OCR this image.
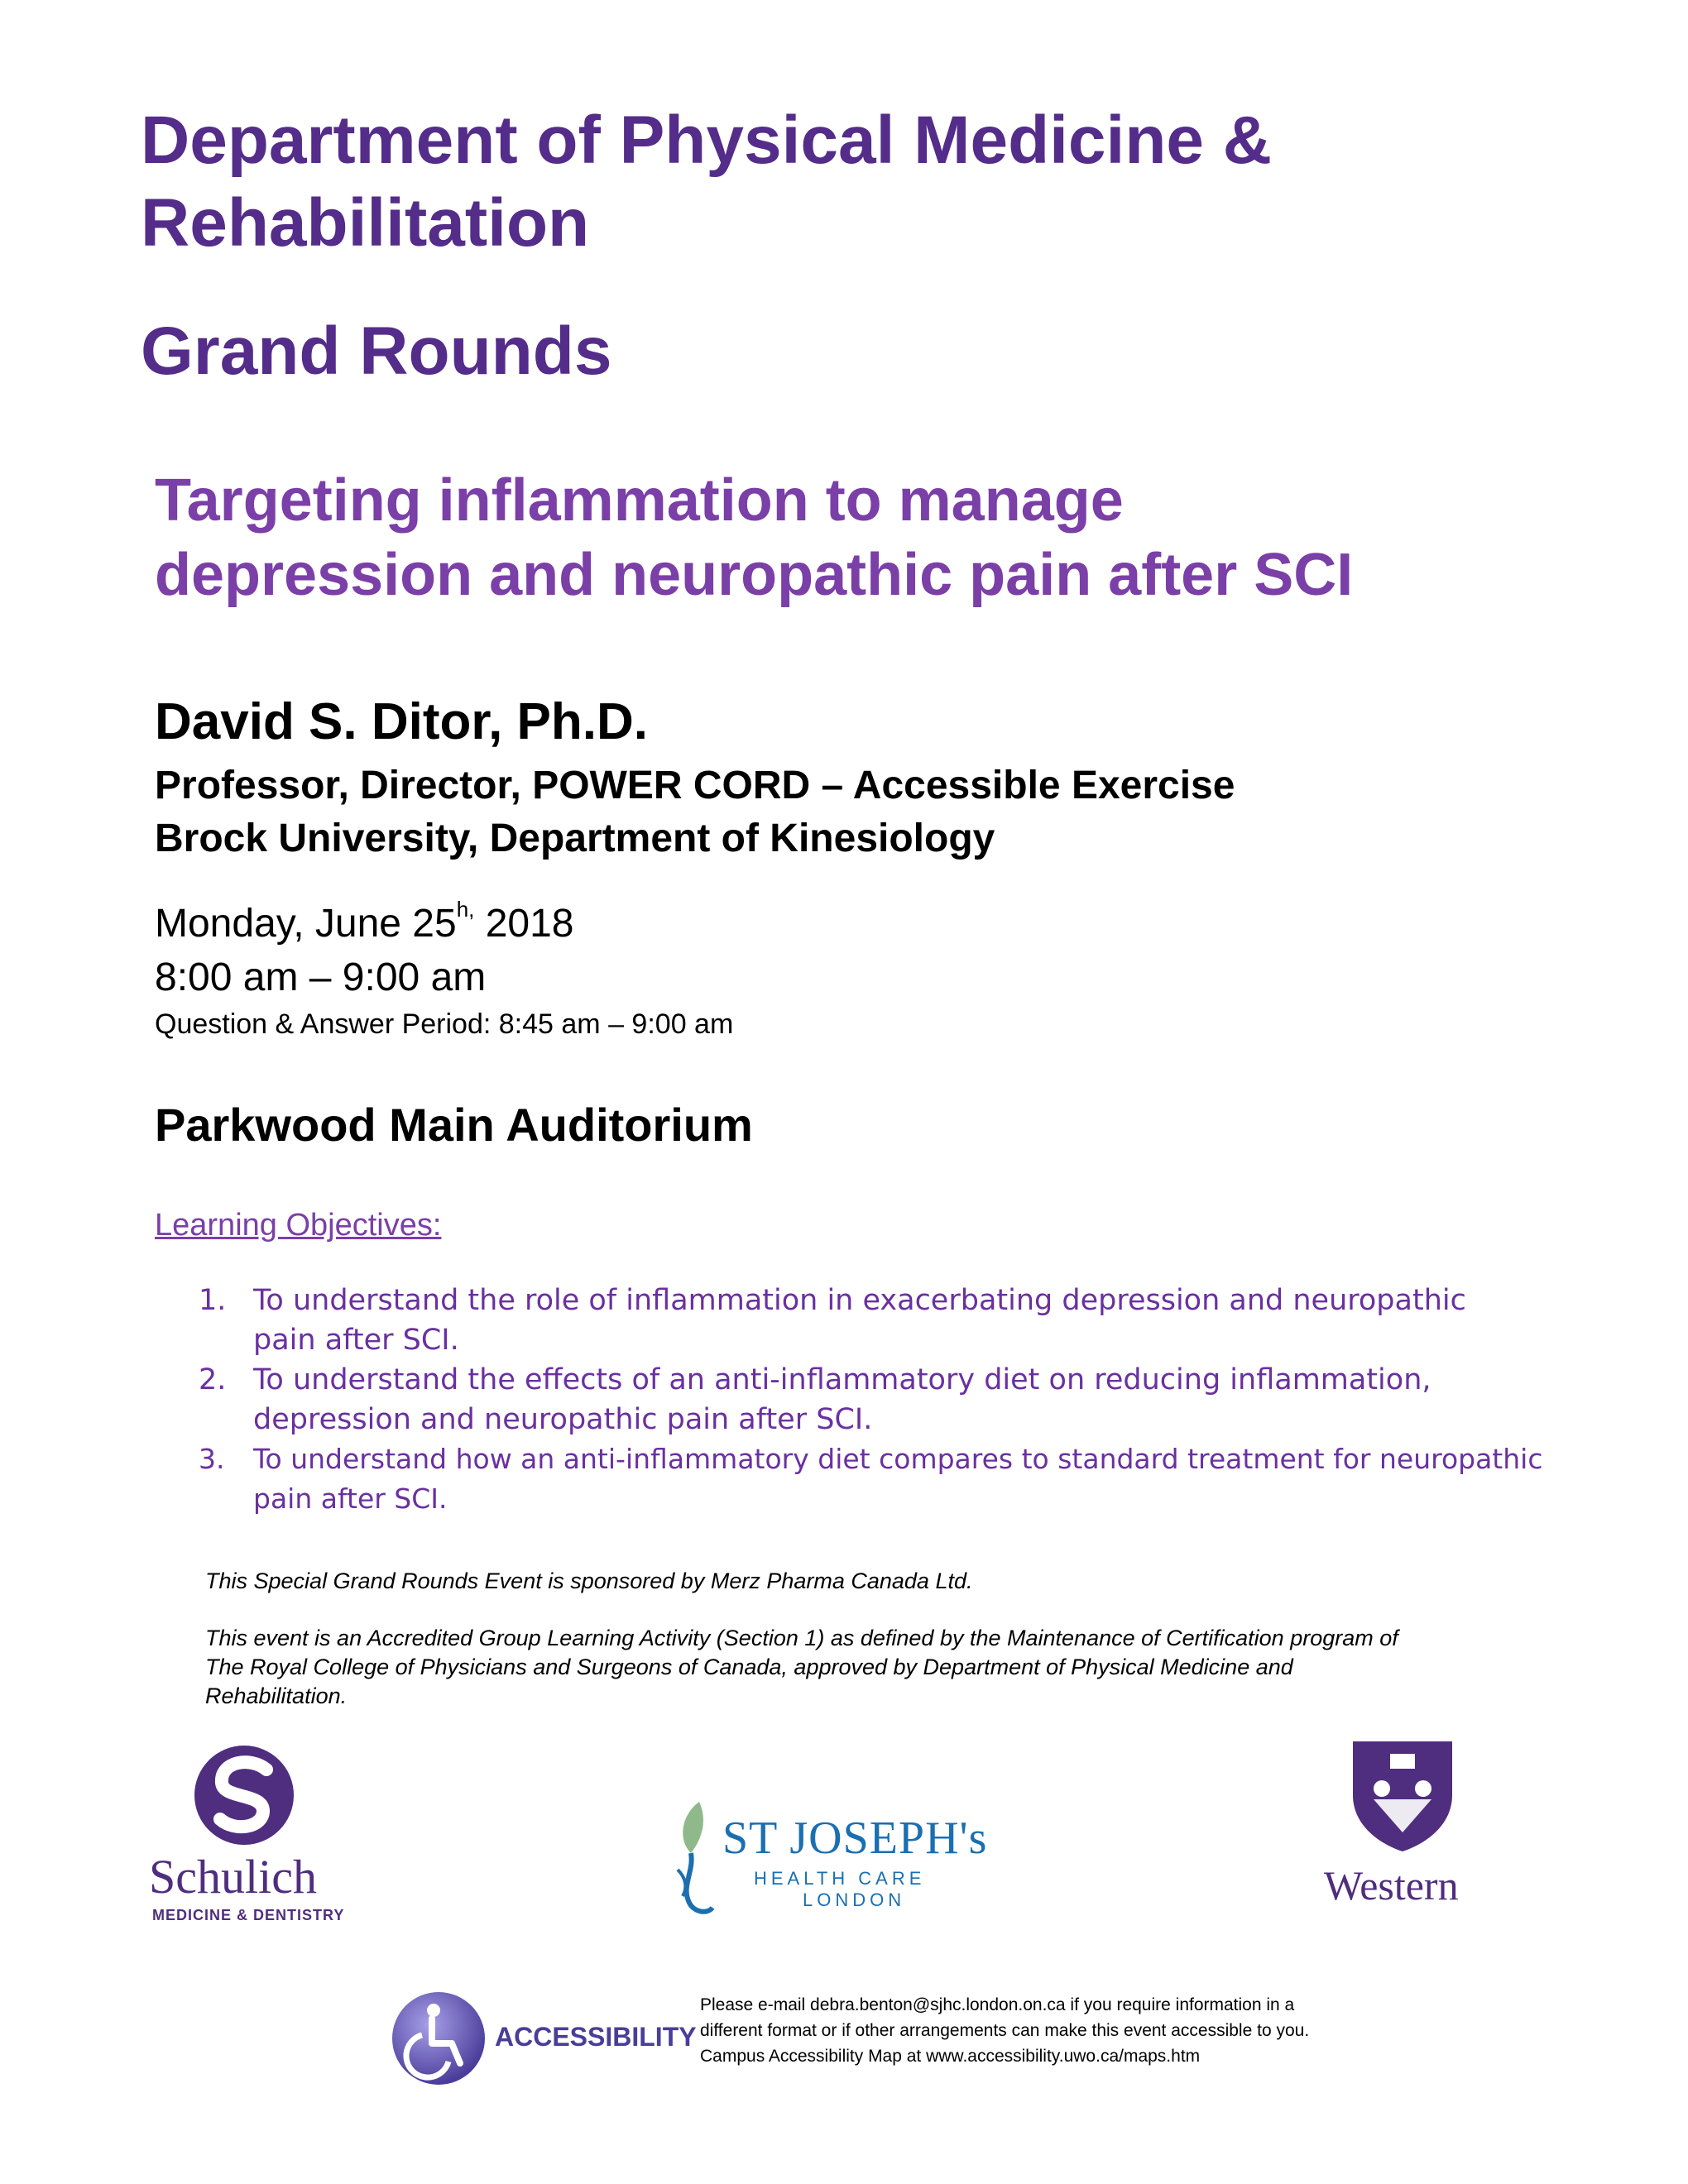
Department of Physical Medicine &
Rehabilitation
Grand Rounds
Targeting inflammation to manage
depression and neuropathic pain after SCI
David S. Ditor, Ph.D.
Professor, Director, POWER CORD – Accessible Exercise
Brock University, Department of Kinesiology
Monday, June $25^{h,}$ 2018
8:00 am – 9:00 am
Question & Answer Period: 8:45 am – 9:00 am
Parkwood Main Auditorium
Learning Objectives:
1. To understand the role of inflammation in exacerbating depression and neuropathic
pain after SCI.
2. To understand the effects of an anti-inflammatory diet on reducing inflammation,
depression and neuropathic pain after SCI.
3. To understand how an anti-inflammatory diet compares to standard treatment for neuropathic
pain after SCI.
This Special Grand Rounds Event is sponsored by Merz Pharma Canada Ltd.
This event is an Accredited Group Learning Activity (Section 1) as defined by the Maintenance of Certification program of
The Royal College of Physicians and Surgeons of Canada, approved by Department of Physical Medicine and
Rehabilitation.
Schulich
MEDICINE & DENTISTRY
ST JOSEPH's
HEALTH CARE
LONDON	Western
ACCESSIBILITY
Please e-mail debra.benton@sjhc.london.on.ca if you require information in a
different format or if other arrangements can make this event accessible to you.
Campus Accessibility Map at www.accessibility.uwo.ca/maps.htm
